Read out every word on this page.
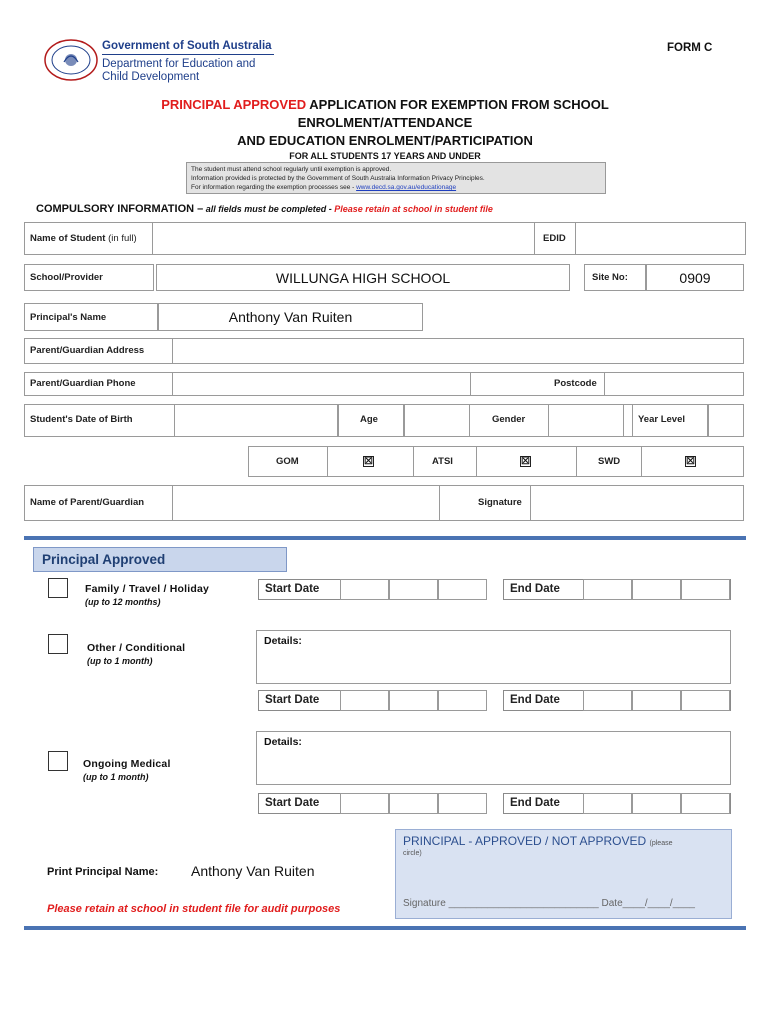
Government of South Australia
Department for Education and
Child Development
FORM C
PRINCIPAL APPROVED APPLICATION FOR EXEMPTION FROM SCHOOL
ENROLMENT/ATTENDANCE
AND EDUCATION ENROLMENT/PARTICIPATION
FOR ALL STUDENTS 17 YEARS AND UNDER
The student must attend school regularly until exemption is approved.
Information provided is protected by the Government of South Australia Information Privacy Principles.
For information regarding the exemption processes see - www.decd.sa.gov.au/educationage
COMPULSORY INFORMATION – all fields must be completed - Please retain at school in student file
Name of Student (in full)	EDID
School/Provider	WILLUNGA HIGH SCHOOL	Site No:	0909
Principal's Name	Anthony Van Ruiten
Parent/Guardian Address
Parent/Guardian Phone	Postcode
Student's Date of Birth	Age	Gender	Year Level
GOM	☒	ATSI	☒	SWD	☒
Name of Parent/Guardian	Signature
Principal Approved
Family / Travel / Holiday
(up to 12 months)
Start Date	End Date
Other / Conditional
(up to 1 month)
Details:
Start Date	End Date
Ongoing Medical
(up to 1 month)
Details:
Start Date	End Date
PRINCIPAL - APPROVED / NOT APPROVED (please
circle)
Signature ___________________________ Date____/____/____
Print Principal Name: Anthony Van Ruiten
Please retain at school in student file for audit purposes
